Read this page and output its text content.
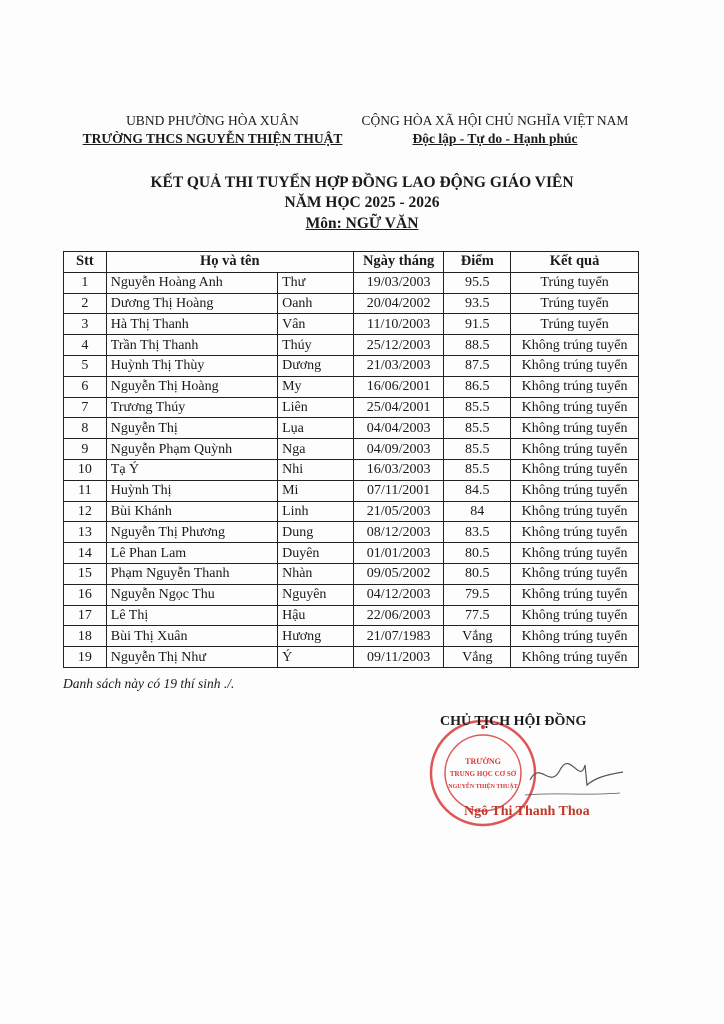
UBND PHƯỜNG HÒA XUÂN
TRƯỜNG THCS NGUYỄN THIỆN THUẬT
CỘNG HÒA XÃ HỘI CHỦ NGHĨA VIỆT NAM
Độc lập - Tự do - Hạnh phúc
KẾT QUẢ THI TUYỂN HỢP ĐỒNG LAO ĐỘNG GIÁO VIÊN
NĂM HỌC 2025 - 2026
Môn: NGỮ VĂN
Stt	Họ và tên		Ngày tháng	Điểm	Kết quả
1	Nguyễn Hoàng Anh	Thư	19/03/2003	95.5	Trúng tuyển
2	Dương Thị Hoàng	Oanh	20/04/2002	93.5	Trúng tuyển
3	Hà Thị Thanh	Vân	11/10/2003	91.5	Trúng tuyển
4	Trần Thị Thanh	Thúy	25/12/2003	88.5	Không trúng tuyển
5	Huỳnh Thị Thùy	Dương	21/03/2003	87.5	Không trúng tuyển
6	Nguyễn Thị Hoàng	My	16/06/2001	86.5	Không trúng tuyển
7	Trương Thúy	Liên	25/04/2001	85.5	Không trúng tuyển
8	Nguyễn Thị	Lụa	04/04/2003	85.5	Không trúng tuyển
9	Nguyễn Phạm Quỳnh	Nga	04/09/2003	85.5	Không trúng tuyển
10	Tạ Ý	Nhi	16/03/2003	85.5	Không trúng tuyển
11	Huỳnh Thị	Mi	07/11/2001	84.5	Không trúng tuyển
12	Bùi Khánh	Linh	21/05/2003	84	Không trúng tuyển
13	Nguyễn Thị Phương	Dung	08/12/2003	83.5	Không trúng tuyển
14	Lê Phan Lam	Duyên	01/01/2003	80.5	Không trúng tuyển
15	Phạm Nguyễn Thanh	Nhàn	09/05/2002	80.5	Không trúng tuyển
16	Nguyễn Ngọc Thu	Nguyên	04/12/2003	79.5	Không trúng tuyển
17	Lê Thị	Hậu	22/06/2003	77.5	Không trúng tuyển
18	Bùi Thị Xuân	Hương	21/07/1983	Vắng	Không trúng tuyển
19	Nguyễn Thị Như	Ý	09/11/2003	Vắng	Không trúng tuyển
Danh sách này có 19 thí sinh ./.
TRƯỜNG
TRUNG HỌC CƠ SỞ
NGUYỄN THIỆN THUẬT
CHỦ TỊCH HỘI ĐỒNG
Ngô Thị Thanh Thoa
